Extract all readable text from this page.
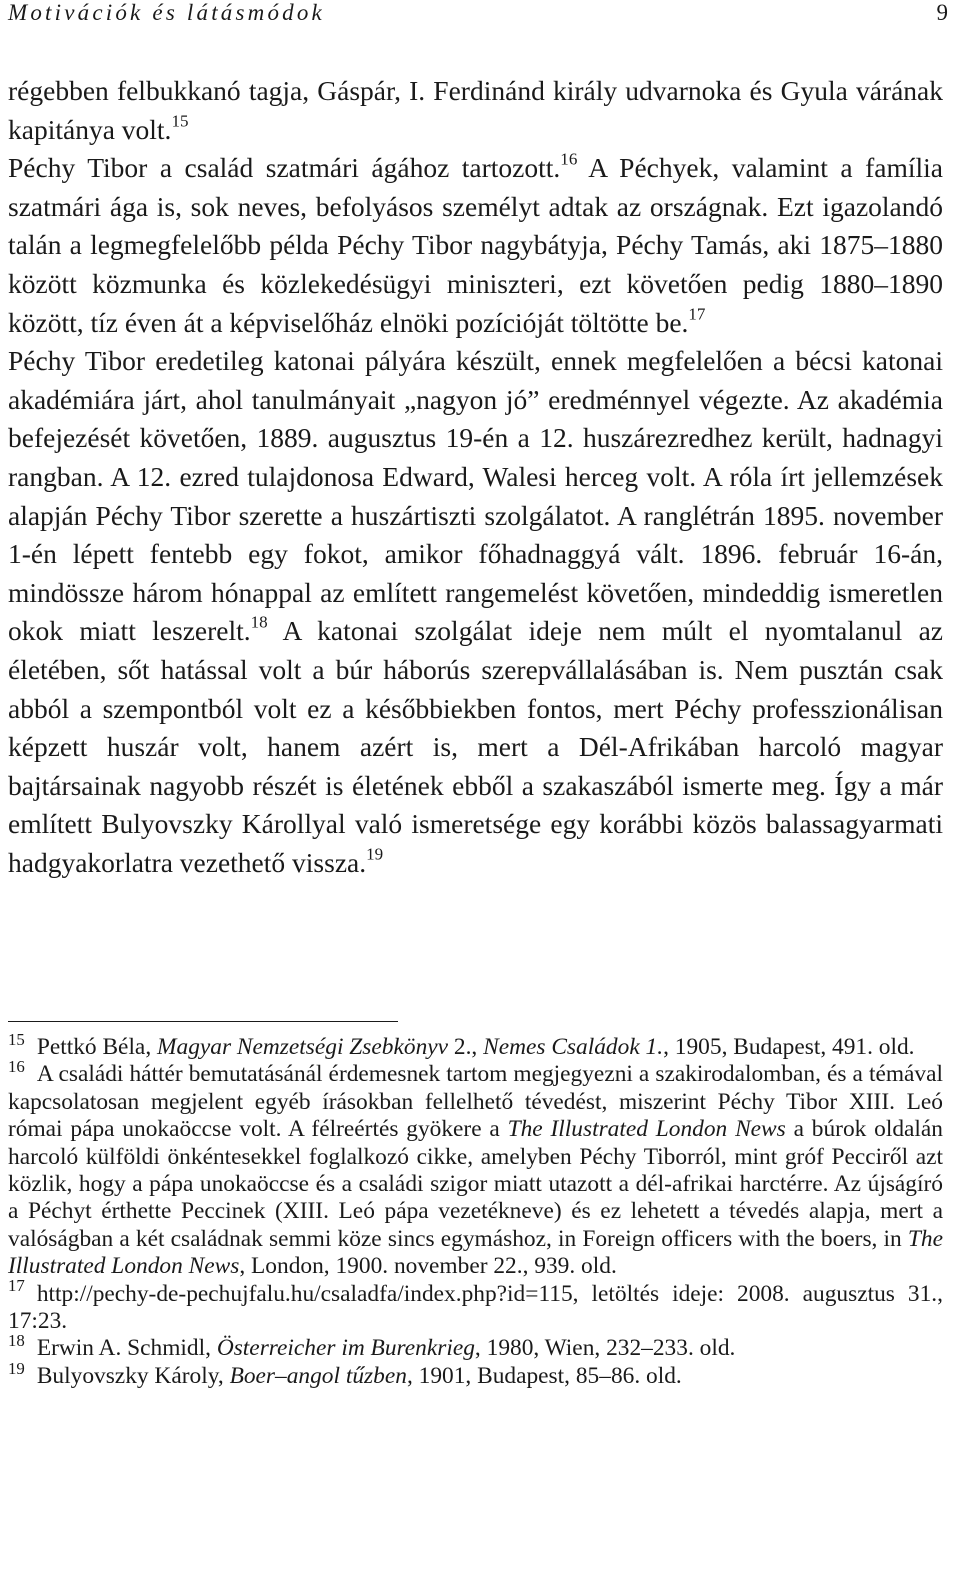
Motivációk és látásmódok	9

régebben felbukkanó tagja, Gáspár, I. Ferdinánd király udvarnoka és Gyula várának kapitánya volt.$^{15}$

Péchy Tibor a család szatmári ágához tartozott.$^{16}$ A Péchyek, valamint a família szatmári ága is, sok neves, befolyásos személyt adtak az országnak. Ezt igazolandó talán a legmegfelelőbb példa Péchy Tibor nagybátyja, Péchy Tamás, aki 1875–1880 között közmunka és közlekedésügyi miniszteri, ezt követően pedig 1880–1890 között, tíz éven át a képviselőház elnöki pozícióját töltötte be.$^{17}$

Péchy Tibor eredetileg katonai pályára készült, ennek megfelelően a bécsi katonai akadémiára járt, ahol tanulmányait „nagyon jó” eredménnyel végezte. Az akadémia befejezését követően, 1889. augusztus 19-én a 12. huszárezredhez került, hadnagyi rangban. A 12. ezred tulajdonosa Edward, Walesi herceg volt. A róla írt jellemzések alapján Péchy Tibor szerette a huszártiszti szolgálatot. A ranglétrán 1895. november 1-én lépett fentebb egy fokot, amikor főhadnaggyá vált. 1896. február 16-án, mindössze három hónappal az említett rangemelést követően, mindeddig ismeretlen okok miatt leszerelt.$^{18}$ A katonai szolgálat ideje nem múlt el nyomtalanul az életében, sőt hatással volt a búr háborús szerepvállalásában is. Nem pusztán csak abból a szempontból volt ez a későbbiekben fontos, mert Péchy professzionálisan képzett huszár volt, hanem azért is, mert a Dél-Afrikában harcoló magyar bajtársainak nagyobb részét is életének ebből a szakaszából ismerte meg. Így a már említett Bulyovszky Károllyal való ismeretsége egy korábbi közös balassagyarmati hadgyakorlatra vezethető vissza.$^{19}$

$^{15}$ Pettkó Béla, Magyar Nemzetségi Zsebkönyv 2., Nemes Családok 1., 1905, Budapest, 491. old.

$^{16}$ A családi háttér bemutatásánál érdemesnek tartom megjegyezni a szakirodalomban, és a témával kapcsolatosan megjelent egyéb írásokban fellelhető tévedést, miszerint Péchy Tibor XIII. Leó római pápa unokaöccse volt. A félreértés gyökere a The Illustrated London News a búrok oldalán harcoló külföldi önkéntesekkel foglalkozó cikke, amelyben Péchy Tiborról, mint gróf Pecciről azt közlik, hogy a pápa unokaöccse és a családi szigor miatt utazott a dél-afrikai harctérre. Az újságíró a Péchyt érthette Peccinek (XIII. Leó pápa vezetékneve) és ez lehetett a tévedés alapja, mert a valóságban a két családnak semmi köze sincs egymáshoz, in Foreign officers with the boers, in The Illustrated London News, London, 1900. november 22., 939. old.

$^{17}$ http://pechy-de-pechujfalu.hu/csaladfa/index.php?id=115, letöltés ideje: 2008. augusztus 31., 17:23.

$^{18}$ Erwin A. Schmidl, Österreicher im Burenkrieg, 1980, Wien, 232–233. old.

$^{19}$ Bulyovszky Károly, Boer–angol tűzben, 1901, Budapest, 85–86. old.
